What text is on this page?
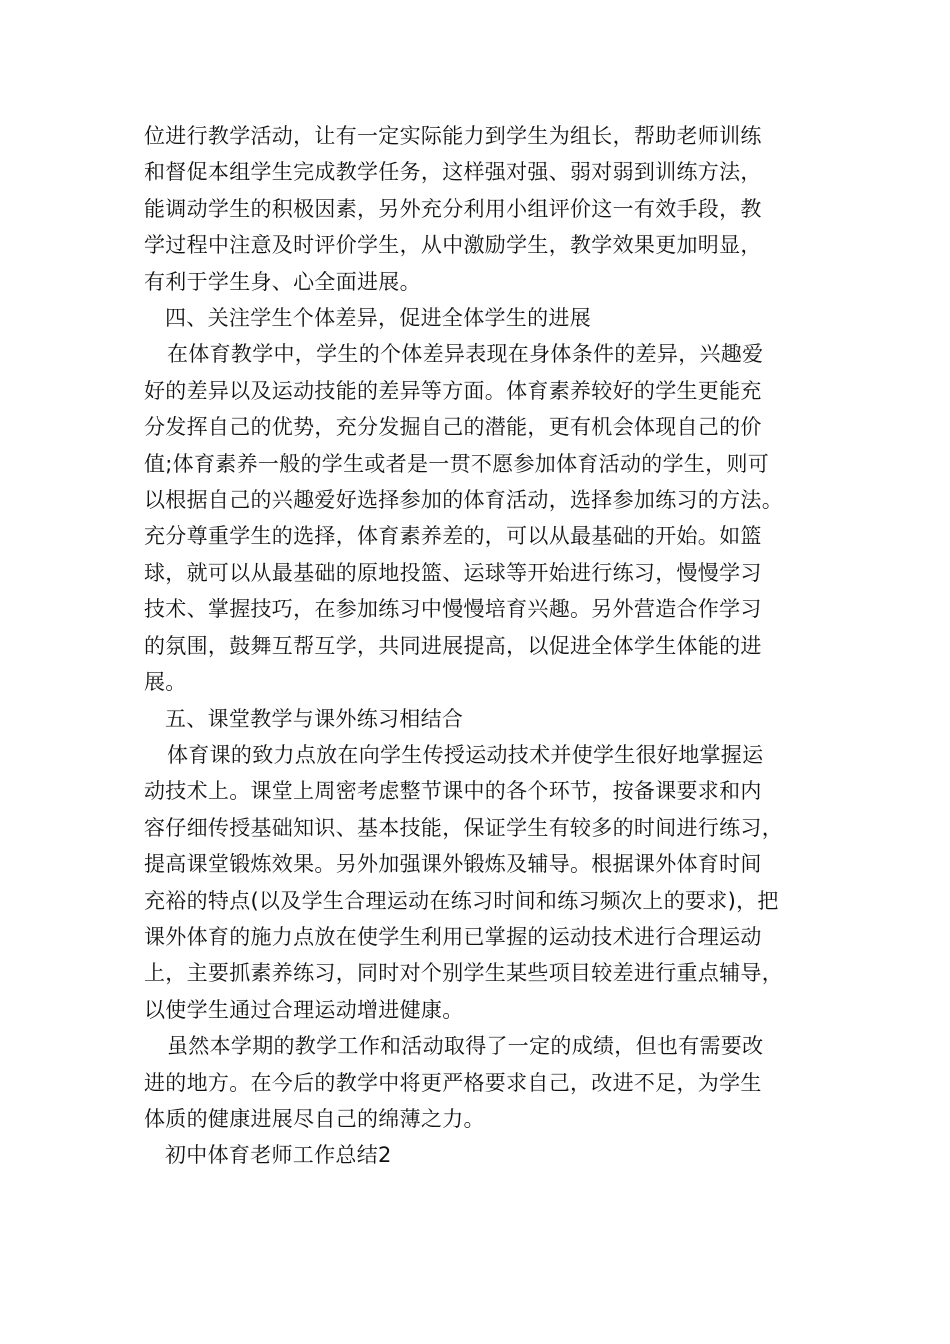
位进行教学活动，让有一定实际能力到学生为组长，帮助老师训练
和督促本组学生完成教学任务，这样强对强、弱对弱到训练方法，
能调动学生的积极因素，另外充分利用小组评价这一有效手段，教
学过程中注意及时评价学生，从中激励学生，教学效果更加明显，
有利于学生身、心全面进展。

四、关注学生个体差异，促进全体学生的进展

在体育教学中，学生的个体差异表现在身体条件的差异，兴趣爱
好的差异以及运动技能的差异等方面。体育素养较好的学生更能充
分发挥自己的优势，充分发掘自己的潜能，更有机会体现自己的价
值;体育素养一般的学生或者是一贯不愿参加体育活动的学生，则可
以根据自己的兴趣爱好选择参加的体育活动，选择参加练习的方法。
充分尊重学生的选择，体育素养差的，可以从最基础的开始。如篮
球，就可以从最基础的原地投篮、运球等开始进行练习，慢慢学习
技术、掌握技巧，在参加练习中慢慢培育兴趣。另外营造合作学习
的氛围，鼓舞互帮互学，共同进展提高，以促进全体学生体能的进
展。

五、课堂教学与课外练习相结合

体育课的致力点放在向学生传授运动技术并使学生很好地掌握运
动技术上。课堂上周密考虑整节课中的各个环节，按备课要求和内
容仔细传授基础知识、基本技能，保证学生有较多的时间进行练习，
提高课堂锻炼效果。另外加强课外锻炼及辅导。根据课外体育时间
充裕的特点(以及学生合理运动在练习时间和练习频次上的要求)，把
课外体育的施力点放在使学生利用已掌握的运动技术进行合理运动
上，主要抓素养练习，同时对个别学生某些项目较差进行重点辅导，
以使学生通过合理运动增进健康。

虽然本学期的教学工作和活动取得了一定的成绩，但也有需要改
进的地方。在今后的教学中将更严格要求自己，改进不足，为学生
体质的健康进展尽自己的绵薄之力。

初中体育老师工作总结2
